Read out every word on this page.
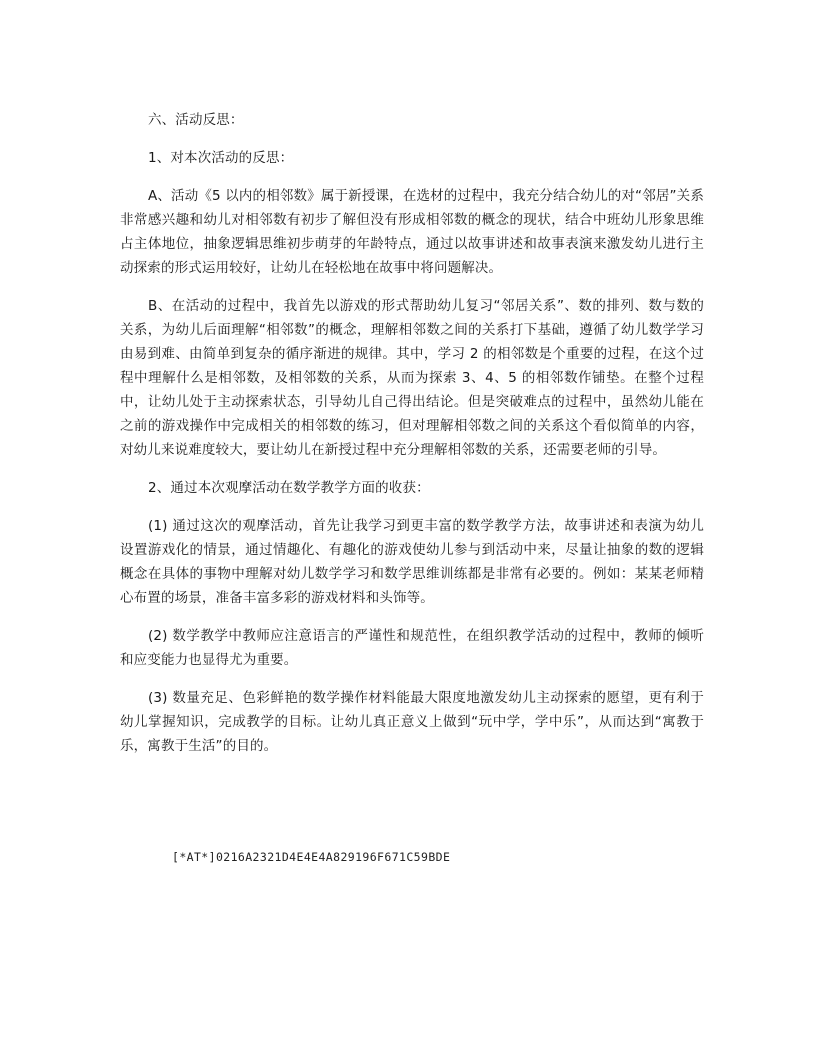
六、活动反思：

1、对本次活动的反思：

A、活动《5 以内的相邻数》属于新授课，在选材的过程中，我充分结合幼儿的对“邻居”关系非常感兴趣和幼儿对相邻数有初步了解但没有形成相邻数的概念的现状，结合中班幼儿形象思维占主体地位，抽象逻辑思维初步萌芽的年龄特点，通过以故事讲述和故事表演来激发幼儿进行主动探索的形式运用较好，让幼儿在轻松地在故事中将问题解决。

B、在活动的过程中，我首先以游戏的形式帮助幼儿复习“邻居关系”、数的排列、数与数的关系，为幼儿后面理解“相邻数”的概念，理解相邻数之间的关系打下基础，遵循了幼儿数学学习由易到难、由简单到复杂的循序渐进的规律。其中，学习 2 的相邻数是个重要的过程，在这个过程中理解什么是相邻数，及相邻数的关系，从而为探索 3、4、5 的相邻数作铺垫。在整个过程中，让幼儿处于主动探索状态，引导幼儿自己得出结论。但是突破难点的过程中，虽然幼儿能在之前的游戏操作中完成相关的相邻数的练习，但对理解相邻数之间的关系这个看似简单的内容，对幼儿来说难度较大，要让幼儿在新授过程中充分理解相邻数的关系，还需要老师的引导。

2、通过本次观摩活动在数学教学方面的收获：

(1) 通过这次的观摩活动，首先让我学习到更丰富的数学教学方法，故事讲述和表演为幼儿设置游戏化的情景，通过情趣化、有趣化的游戏使幼儿参与到活动中来，尽量让抽象的数的逻辑概念在具体的事物中理解对幼儿数学学习和数学思维训练都是非常有必要的。例如：某某老师精心布置的场景，准备丰富多彩的游戏材料和头饰等。

(2) 数学教学中教师应注意语言的严谨性和规范性，在组织教学活动的过程中，教师的倾听和应变能力也显得尤为重要。

(3) 数量充足、色彩鲜艳的数学操作材料能最大限度地激发幼儿主动探索的愿望，更有利于幼儿掌握知识，完成教学的目标。让幼儿真正意义上做到“玩中学，学中乐”，从而达到“寓教于乐，寓教于生活”的目的。

[*AT*]0216A2321D4E4E4A829196F671C59BDE
